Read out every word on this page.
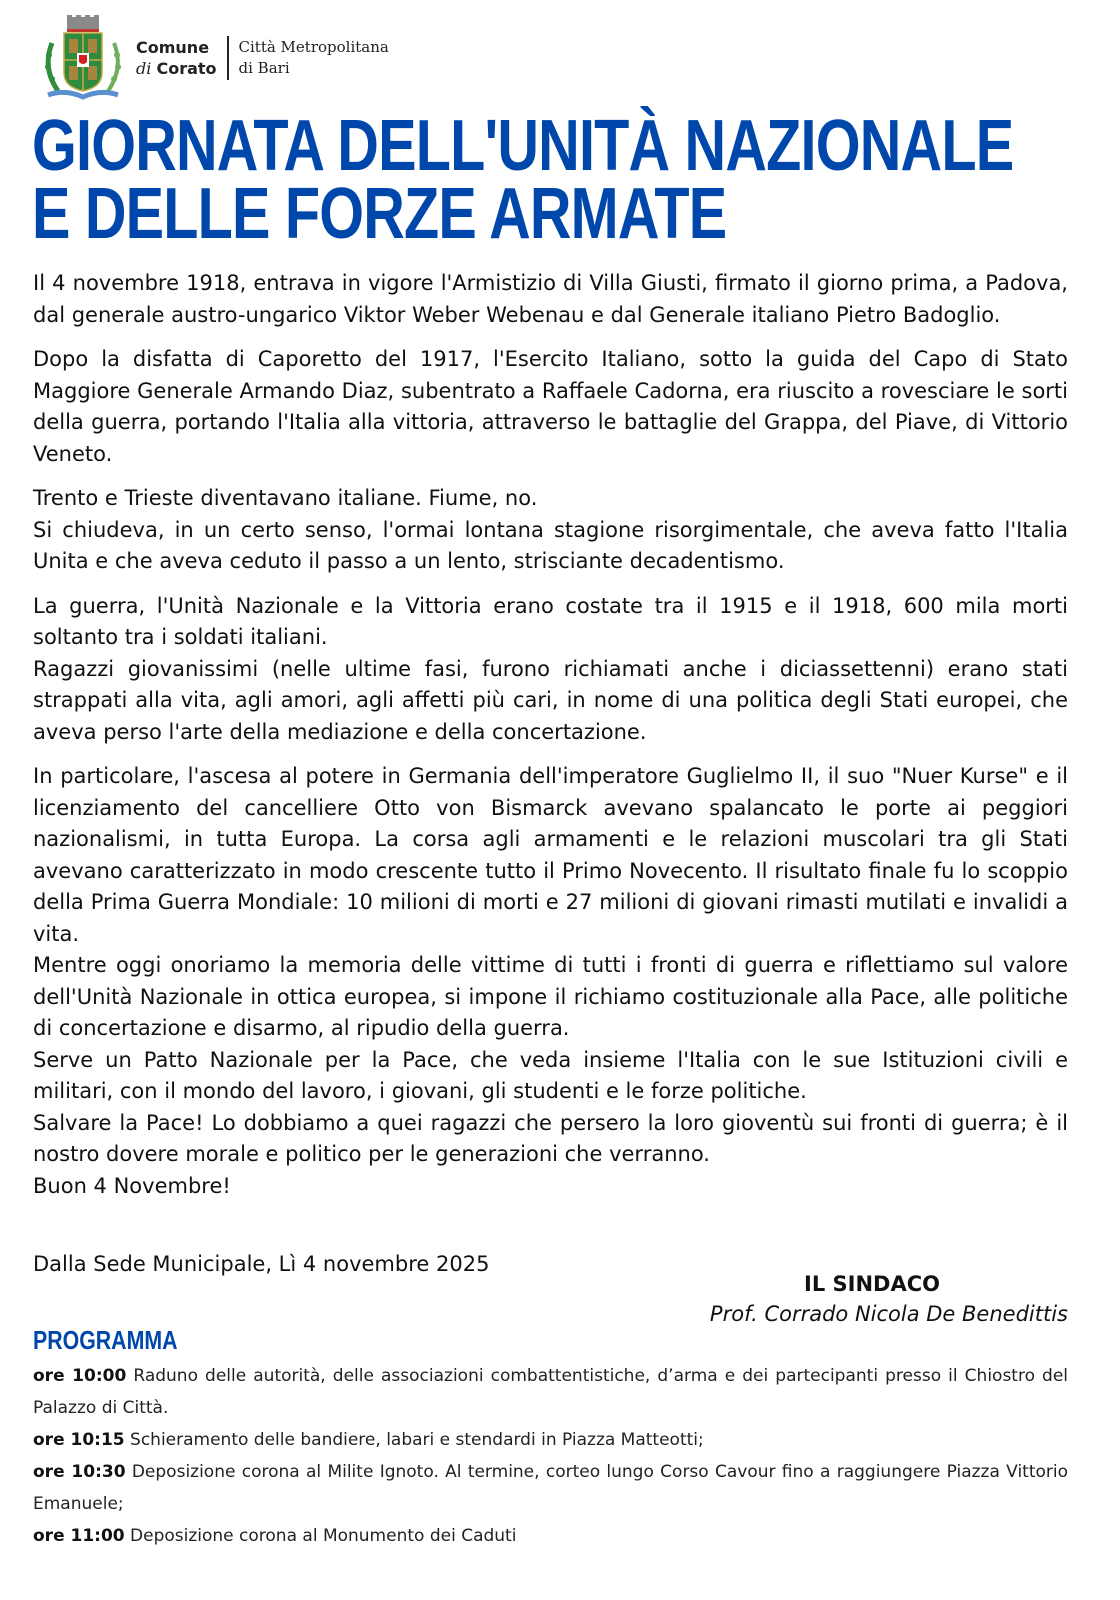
Comune
di Corato
Città Metropolitana
di Bari
GIORNATA DELL'UNITÀ NAZIONALE
E DELLE FORZE ARMATE

Il 4 novembre 1918, entrava in vigore l'Armistizio di Villa Giusti, firmato il giorno prima, a Padova, dal generale austro-ungarico Viktor Weber Webenau e dal Generale italiano Pietro Badoglio.

Dopo la disfatta di Caporetto del 1917, l'Esercito Italiano, sotto la guida del Capo di Stato Maggiore Generale Armando Diaz, subentrato a Raffaele Cadorna, era riuscito a rovesciare le sorti della guerra, portando l'Italia alla vittoria, attraverso le battaglie del Grappa, del Piave, di Vittorio Veneto.

Trento e Trieste diventavano italiane. Fiume, no.
Si chiudeva, in un certo senso, l'ormai lontana stagione risorgimentale, che aveva fatto l'Italia Unita e che aveva ceduto il passo a un lento, strisciante decadentismo.

La guerra, l'Unità Nazionale e la Vittoria erano costate tra il 1915 e il 1918, 600 mila morti soltanto tra i soldati italiani.
Ragazzi giovanissimi (nelle ultime fasi, furono richiamati anche i diciassettenni) erano stati strappati alla vita, agli amori, agli affetti più cari, in nome di una politica degli Stati europei, che aveva perso l'arte della mediazione e della concertazione.

In particolare, l'ascesa al potere in Germania dell'imperatore Guglielmo II, il suo "Nuer Kurse" e il licenziamento del cancelliere Otto von Bismarck avevano spalancato le porte ai peggiori nazionalismi, in tutta Europa. La corsa agli armamenti e le relazioni muscolari tra gli Stati avevano caratterizzato in modo crescente tutto il Primo Novecento. Il risultato finale fu lo scoppio della Prima Guerra Mondiale: 10 milioni di morti e 27 milioni di giovani rimasti mutilati e invalidi a vita.
Mentre oggi onoriamo la memoria delle vittime di tutti i fronti di guerra e riflettiamo sul valore dell'Unità Nazionale in ottica europea, si impone il richiamo costituzionale alla Pace, alle politiche di concertazione e disarmo, al ripudio della guerra.
Serve un Patto Nazionale per la Pace, che veda insieme l'Italia con le sue Istituzioni civili e militari, con il mondo del lavoro, i giovani, gli studenti e le forze politiche.
Salvare la Pace! Lo dobbiamo a quei ragazzi che persero la loro gioventù sui fronti di guerra; è il nostro dovere morale e politico per le generazioni che verranno.
Buon 4 Novembre!

Dalla Sede Municipale, Lì 4 novembre 2025
IL SINDACO
Prof. Corrado Nicola De Benedittis
PROGRAMMA

ore 10:00 Raduno delle autorità, delle associazioni combattentistiche, d’arma e dei partecipanti presso il Chiostro del Palazzo di Città.

ore 10:15 Schieramento delle bandiere, labari e stendardi in Piazza Matteotti;

ore 10:30 Deposizione corona al Milite Ignoto. Al termine, corteo lungo Corso Cavour fino a raggiungere Piazza Vittorio Emanuele;

ore 11:00 Deposizione corona al Monumento dei Caduti
